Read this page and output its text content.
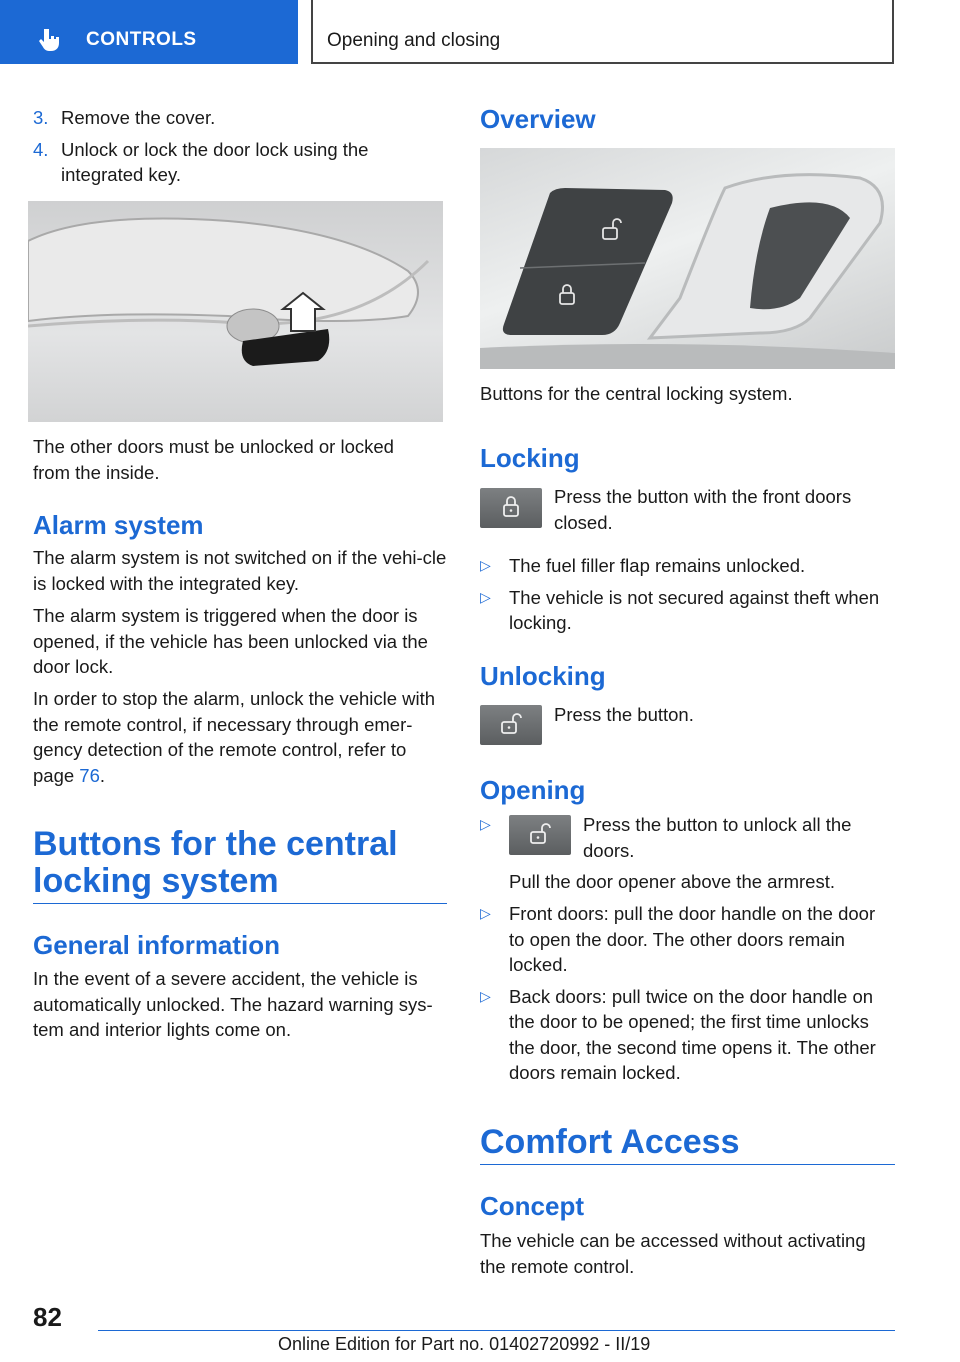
CONTROLS	Opening and closing
3. Remove the cover.
4. Unlock or lock the door lock using the integrated key.
The other doors must be unlocked or locked from the inside.
Alarm system
The alarm system is not switched on if the vehi-cle is locked with the integrated key.
The alarm system is triggered when the door is opened, if the vehicle has been unlocked via the door lock.
In order to stop the alarm, unlock the vehicle with the remote control, if necessary through emer-gency detection of the remote control, refer to page 76.
Buttons for the central locking system
General information
In the event of a severe accident, the vehicle is automatically unlocked. The hazard warning sys-tem and interior lights come on.
Overview
Buttons for the central locking system.
Locking
Press the button with the front doors closed.
▷ The fuel filler flap remains unlocked.
▷ The vehicle is not secured against theft when locking.
Unlocking
Press the button.
Opening
▷	Press the button to unlock all the doors.
Pull the door opener above the armrest.
▷ Front doors: pull the door handle on the door to open the door. The other doors remain locked.
▷ Back doors: pull twice on the door handle on the door to be opened; the first time unlocks the door, the second time opens it. The other doors remain locked.
Comfort Access
Concept
The vehicle can be accessed without activating the remote control.
82
Online Edition for Part no. 01402720992 - II/19
